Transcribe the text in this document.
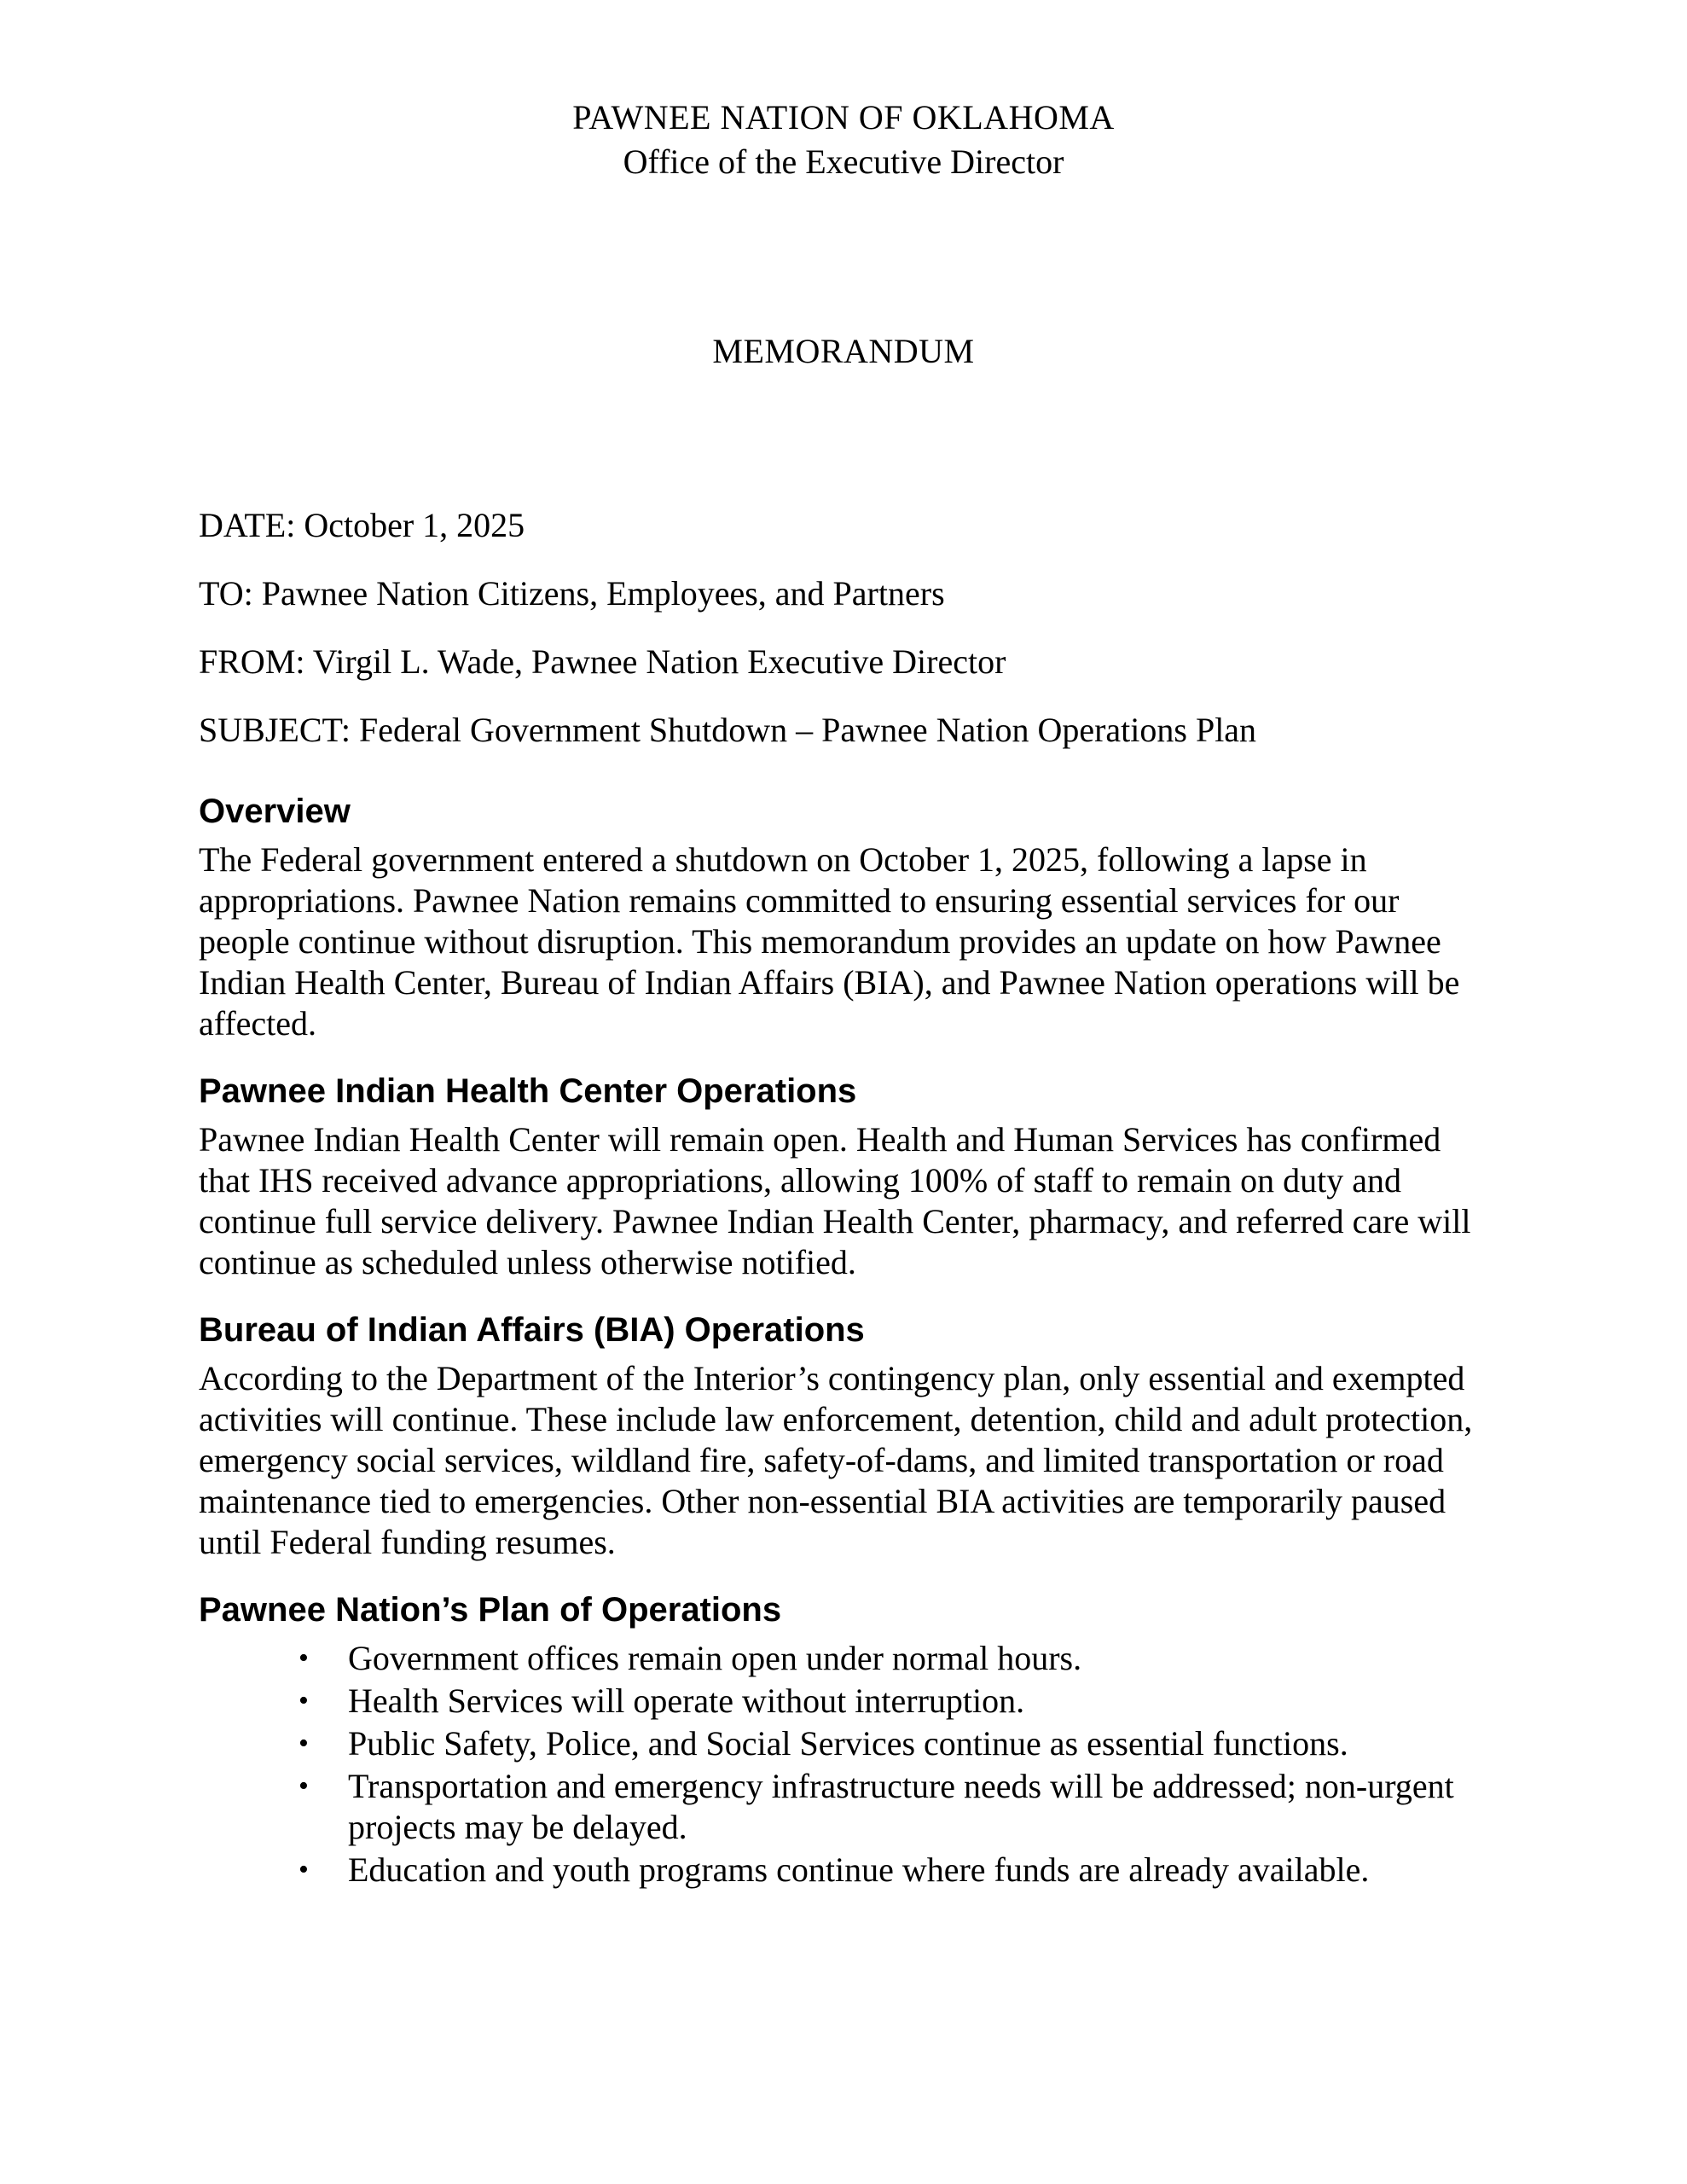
PAWNEE NATION OF OKLAHOMA
Office of the Executive Director
MEMORANDUM

DATE: October 1, 2025

TO: Pawnee Nation Citizens, Employees, and Partners

FROM: Virgil L. Wade, Pawnee Nation Executive Director

SUBJECT: Federal Government Shutdown – Pawnee Nation Operations Plan

Overview

The Federal government entered a shutdown on October 1, 2025, following a lapse in appropriations. Pawnee Nation remains committed to ensuring essential services for our people continue without disruption. This memorandum provides an update on how Pawnee Indian Health Center, Bureau of Indian Affairs (BIA), and Pawnee Nation operations will be affected.

Pawnee Indian Health Center Operations

Pawnee Indian Health Center will remain open. Health and Human Services has confirmed that IHS received advance appropriations, allowing 100% of staff to remain on duty and continue full service delivery. Pawnee Indian Health Center, pharmacy, and referred care will continue as scheduled unless otherwise notified.

Bureau of Indian Affairs (BIA) Operations

According to the Department of the Interior’s contingency plan, only essential and exempted activities will continue. These include law enforcement, detention, child and adult protection, emergency social services, wildland fire, safety-of-dams, and limited transportation or road maintenance tied to emergencies. Other non-essential BIA activities are temporarily paused until Federal funding resumes.

Pawnee Nation’s Plan of Operations
• Government offices remain open under normal hours.
• Health Services will operate without interruption.
• Public Safety, Police, and Social Services continue as essential functions.
• Transportation and emergency infrastructure needs will be addressed; non-urgent projects may be delayed.
• Education and youth programs continue where funds are already available.
